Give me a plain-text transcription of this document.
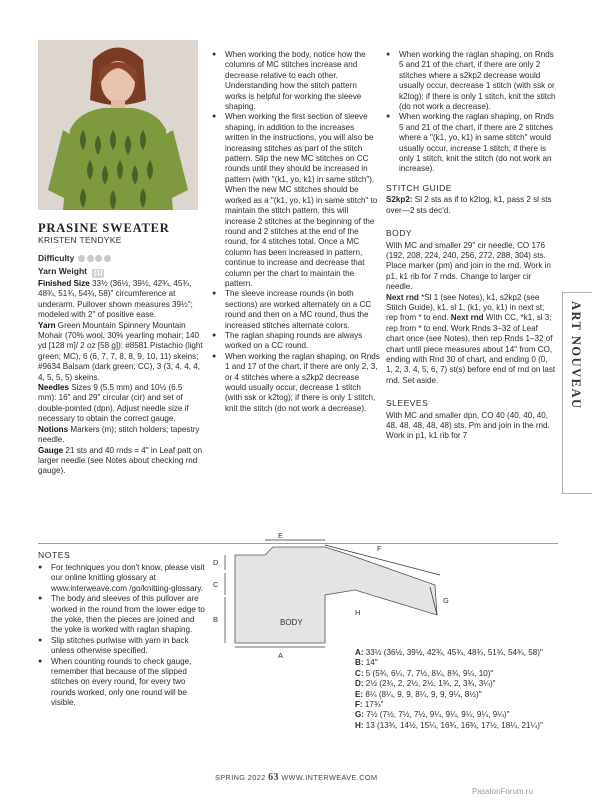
PRASINE SWEATER
KRISTEN TENDYKE
Difficulty
Yarn Weight (1)

Finished Size 33½ (36½, 39½, 42¾, 45¾, 48¾, 51¾, 54¾, 58)" circumference at underarm. Pullover shown measures 39½"; modeled with 2" of positive ease.

Yarn Green Mountain Spinnery Mountain Mohair (70% wool, 30% yearling mohair; 140 yd [128 m]/ 2 oz [58 g]): #8581 Pistachio (light green; MC), 6 (6, 7, 7, 8, 8, 9, 10, 11) skeins; #9634 Balsam (dark green; CC), 3 (3, 4, 4, 4, 4, 5, 5, 5) skeins.

Needles Sizes 9 (5.5 mm) and 10½ (6.5 mm): 16" and 29" circular (cir) and set of double-pointed (dpn). Adjust needle size if necessary to obtain the correct gauge.

Notions Markers (m); stitch holders; tapestry needle.

Gauge 21 sts and 40 rnds = 4" in Leaf patt on larger needle (see Notes about checking rnd gauge).

NOTES
● For techniques you don't know, please visit our online knitting glossary at www.interweave.com /go/knitting-glossary.
● The body and sleeves of this pullover are worked in the round from the lower edge to the yoke, then the pieces are joined and the yoke is worked with raglan shaping.
● Slip stitches purlwise with yarn in back unless otherwise specified.
● When counting rounds to check gauge, remember that because of the slipped stitches on every round, for every two rounds worked, only one round will be visible.
● When working the body, notice how the columns of MC stitches increase and decrease relative to each other. Understanding how the stitch pattern works is helpful for working the sleeve shaping.
● When working the first section of sleeve shaping, in addition to the increases written in the instructions, you will also be increasing stitches as part of the stitch pattern. Slip the new MC stitches on CC rounds until they should be increased in pattern (with "(k1, yo, k1) in same stitch"). When the new MC stitches should be worked as a "(k1, yo, k1) in same stitch" to maintain the stitch pattern, this will increase 2 stitches at the beginning of the round and 2 stitches at the end of the round, for 4 stitches total. Once a MC column has been increased in pattern, continue to increase and decrease that column per the chart to maintain the pattern.
● The sleeve increase rounds (in both sections) are worked alternately on a CC round and then on a MC round, thus the increased stitches alternate colors.
● The raglan shaping rounds are always worked on a CC round.
● When working the raglan shaping, on Rnds 1 and 17 of the chart, if there are only 2, 3, or 4 stitches where a s2kp2 decrease would usually occur, decrease 1 stitch (with ssk or k2tog); if there is only 1 stitch, knit the stitch (do not work a decrease).
● When working the raglan shaping, on Rnds 5 and 21 of the chart, if there are only 2 stitches where a s2kp2 decrease would usually occur, decrease 1 stitch (with ssk or k2tog); if there is only 1 stitch, knit the stitch (do not work a decrease).
● When working the raglan shaping, on Rnds 5 and 21 of the chart, if there are 2 stitches where a "(k1, yo, k1) in same stitch" would usually occur, increase 1 stitch; if there is only 1 stitch, knit the stitch (do not work an increase).

STITCH GUIDE

S2kp2: Sl 2 sts as if to k2tog, k1, pass 2 sl sts over—2 sts dec'd.

BODY

With MC and smaller 29" cir needle, CO 176 (192, 208, 224, 240, 256, 272, 288, 304) sts. Place marker (pm) and join in the rnd. Work in p1, k1 rib for 7 rnds. Change to larger cir needle.

Next rnd *Sl 1 (see Notes), k1, s2kp2 (see Stitch Guide), k1, sl 1, (k1, yo, k1) in next st; rep from * to end. Next rnd With CC, *k1, sl 3; rep from * to end. Work Rnds 3–32 of Leaf chart once (see Notes), then rep Rnds 1–32 of chart until piece measures about 14" from CO, ending with Rnd 30 of chart, and ending 0 (0, 1, 2, 3, 4, 5, 6, 7) st(s) before end of rnd on last rnd. Set aside.

SLEEVES

With MC and smaller dpn, CO 40 (40, 40, 40, 48, 48, 48, 48, 48) sts. Pm and join in the rnd. Work in p1, k1 rib for 7

ART NOUVEAU
BODY
A
B
C
D
E
F
G
H
A: 33½ (36½, 39½, 42¾, 45¾, 48¾, 51¾, 54¾, 58)"
B: 14"
C: 5 (5¾, 6¼, 7, 7½, 8¼, 8¾, 9¼, 10)"
D: 2½ (2¾, 2, 2½, 2½, 1¾, 2, 3¾, 3¼)"
E: 8¼ (8¼, 9, 9, 8¼, 9, 9, 9¼, 8½)"
F: 17¾"
G: 7½ (7½, 7½, 7½, 9¼, 9¼, 9¼, 9¼, 9¼)"
H: 13 (13¾, 14½, 15¼, 16¾, 16¾, 17½, 18¼, 21¼)"
SPRING 2022 63 WWW.INTERWEAVE.COM
PassionForum.ru
